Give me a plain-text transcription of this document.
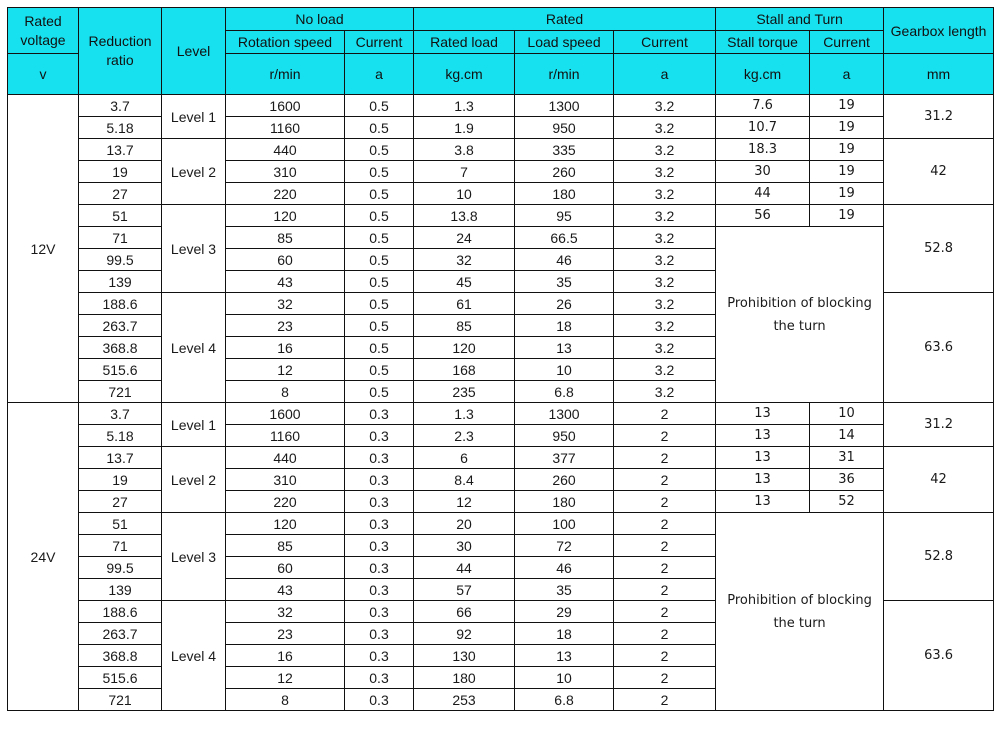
Rated voltage	Reduction ratio	Level	No load		Rated			Stall and Turn		Gearbox length
			Rotation speed	Current	Rated load	Load speed	Current	Stall torque	Current	
v			r/min	a	kg.cm	r/min	a	kg.cm	a	mm
12V	3.7	Level 1	1600	0.5	1.3	1300	3.2	7.6	19	31.2
	5.18		1160	0.5	1.9	950	3.2	10.7	19	
	13.7	Level 2	440	0.5	3.8	335	3.2	18.3	19	42
	19		310	0.5	7	260	3.2	30	19	
	27		220	0.5	10	180	3.2	44	19	
	51	Level 3	120	0.5	13.8	95	3.2	56	19	52.8
	71		85	0.5	24	66.5	3.2	Prohibition of blocking the turn		
	99.5		60	0.5	32	46	3.2			
	139		43	0.5	45	35	3.2			
	188.6	Level 4	32	0.5	61	26	3.2			63.6
	263.7		23	0.5	85	18	3.2			
	368.8		16	0.5	120	13	3.2			
	515.6		12	0.5	168	10	3.2			
	721		8	0.5	235	6.8	3.2			
24V	3.7	Level 1	1600	0.3	1.3	1300	2	13	10	31.2
	5.18		1160	0.3	2.3	950	2	13	14	
	13.7	Level 2	440	0.3	6	377	2	13	31	42
	19		310	0.3	8.4	260	2	13	36	
	27		220	0.3	12	180	2	13	52	
	51	Level 3	120	0.3	20	100	2	Prohibition of blocking the turn		52.8
	71		85	0.3	30	72	2			
	99.5		60	0.3	44	46	2			
	139		43	0.3	57	35	2			
	188.6	Level 4	32	0.3	66	29	2			63.6
	263.7		23	0.3	92	18	2			
	368.8		16	0.3	130	13	2			
	515.6		12	0.3	180	10	2			
	721		8	0.3	253	6.8	2			
